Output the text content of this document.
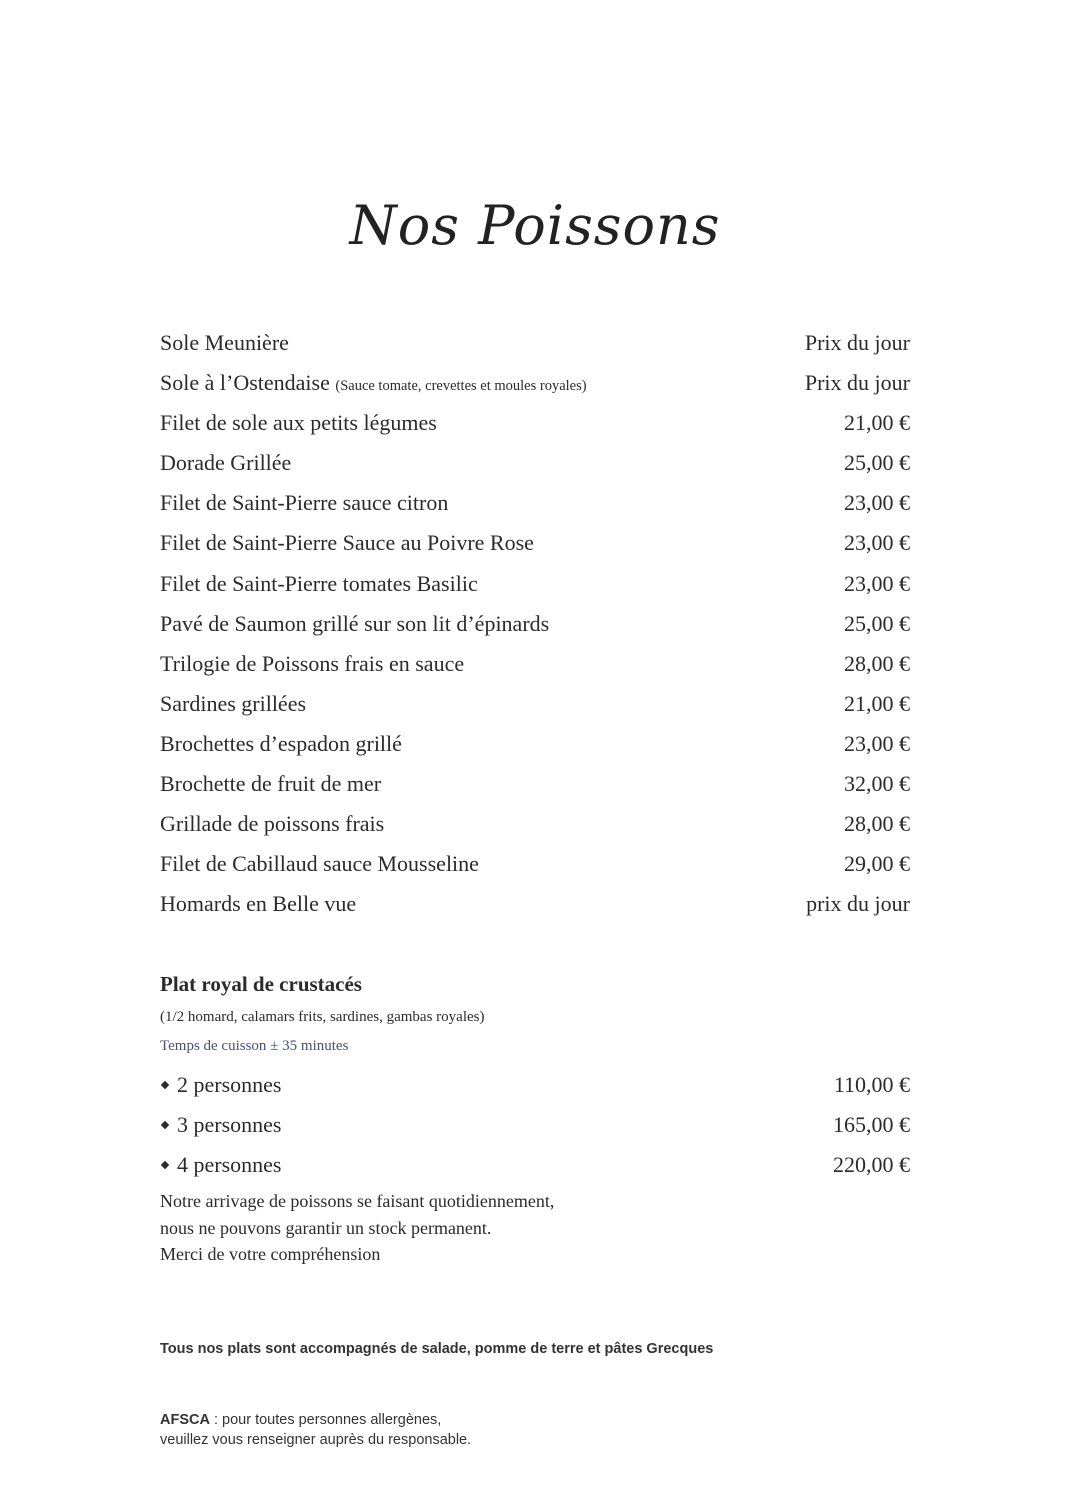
Nos Poissons
Sole Meunière	Prix du jour
Sole à l’Ostendaise (Sauce tomate, crevettes et moules royales)	Prix du jour
Filet de sole aux petits légumes	21,00 €
Dorade Grillée	25,00 €
Filet de Saint-Pierre sauce citron	23,00 €
Filet de Saint-Pierre Sauce au Poivre Rose	23,00 €
Filet de Saint-Pierre tomates Basilic	23,00 €
Pavé de Saumon grillé sur son lit d’épinards	25,00 €
Trilogie de Poissons frais en sauce	28,00 €
Sardines grillées	21,00 €
Brochettes d’espadon grillé	23,00 €
Brochette de fruit de mer	32,00 €
Grillade de poissons frais	28,00 €
Filet de Cabillaud sauce Mousseline	29,00 €
Homards en Belle vue	prix du jour
Plat royal de crustacés
(1/2 homard, calamars frits, sardines, gambas royales)
Temps de cuisson ± 35 minutes
2 personnes	110,00 €
3 personnes	165,00 €
4 personnes	220,00 €
Notre arrivage de poissons se faisant quotidiennement,
nous ne pouvons garantir un stock permanent.
Merci de votre compréhension
Tous nos plats sont accompagnés de salade, pomme de terre et pâtes Grecques
AFSCA : pour toutes personnes allergènes,
veuillez vous renseigner auprès du responsable.
